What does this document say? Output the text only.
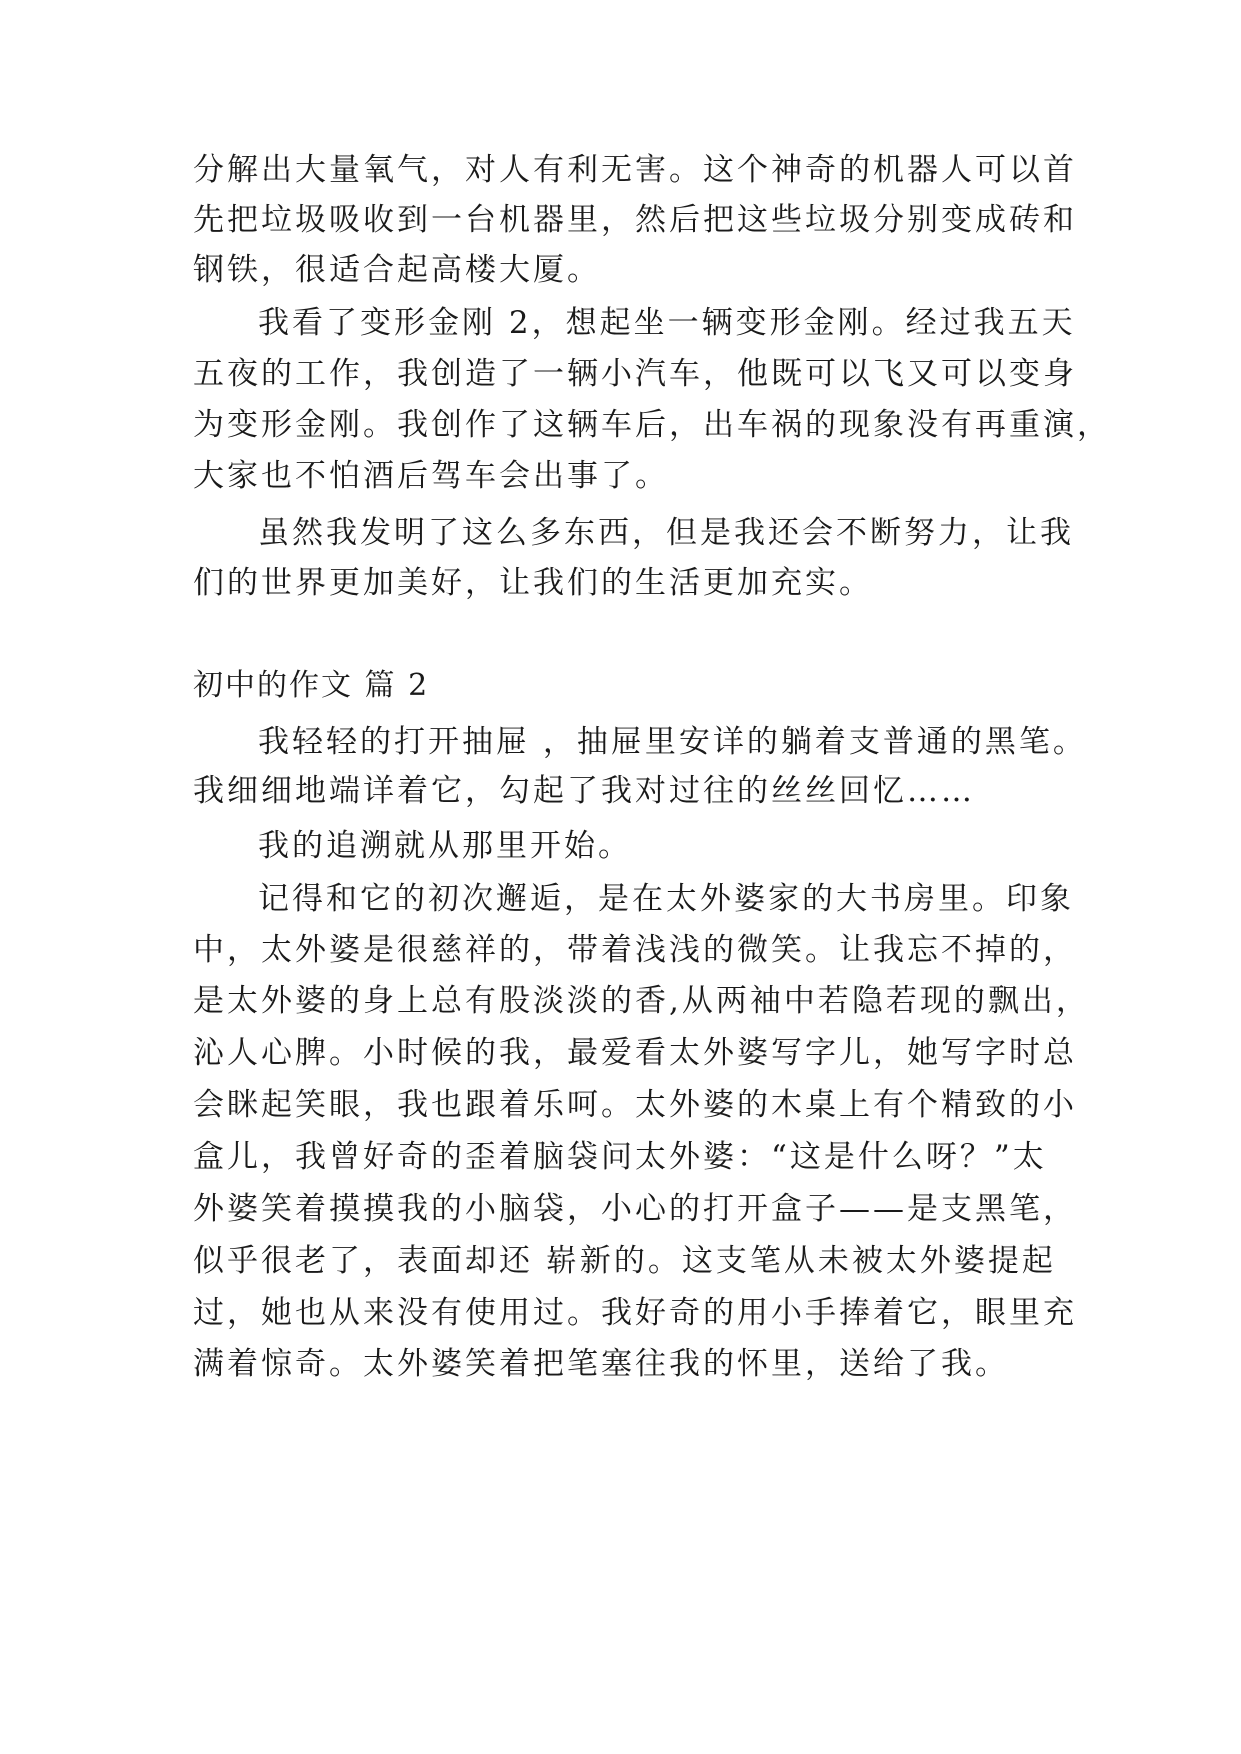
分解出大量氧气，对人有利无害。这个神奇的机器人可以首
先把垃圾吸收到一台机器里，然后把这些垃圾分别变成砖和
钢铁，很适合起高楼大厦。
我看了变形金刚 2，想起坐一辆变形金刚。经过我五天
五夜的工作，我创造了一辆小汽车，他既可以飞又可以变身
为变形金刚。我创作了这辆车后，出车祸的现象没有再重演，
大家也不怕酒后驾车会出事了。
虽然我发明了这么多东西，但是我还会不断努力，让我
们的世界更加美好，让我们的生活更加充实。
初中的作文 篇 2
我轻轻的打开抽屉 ，抽屉里安详的躺着支普通的黑笔。
我细细地端详着它，勾起了我对过往的丝丝回忆……
我的追溯就从那里开始。
记得和它的初次邂逅，是在太外婆家的大书房里。印象
中，太外婆是很慈祥的，带着浅浅的微笑。让我忘不掉的，
是太外婆的身上总有股淡淡的香,从两袖中若隐若现的飘出，
沁人心脾。小时候的我，最爱看太外婆写字儿，她写字时总
会眯起笑眼，我也跟着乐呵。太外婆的木桌上有个精致的小
盒儿，我曾好奇的歪着脑袋问太外婆：“这是什么呀？”太
外婆笑着摸摸我的小脑袋，小心的打开盒子——是支黑笔，
似乎很老了，表面却还 崭新的。这支笔从未被太外婆提起
过，她也从来没有使用过。我好奇的用小手捧着它，眼里充
满着惊奇。太外婆笑着把笔塞往我的怀里，送给了我。
